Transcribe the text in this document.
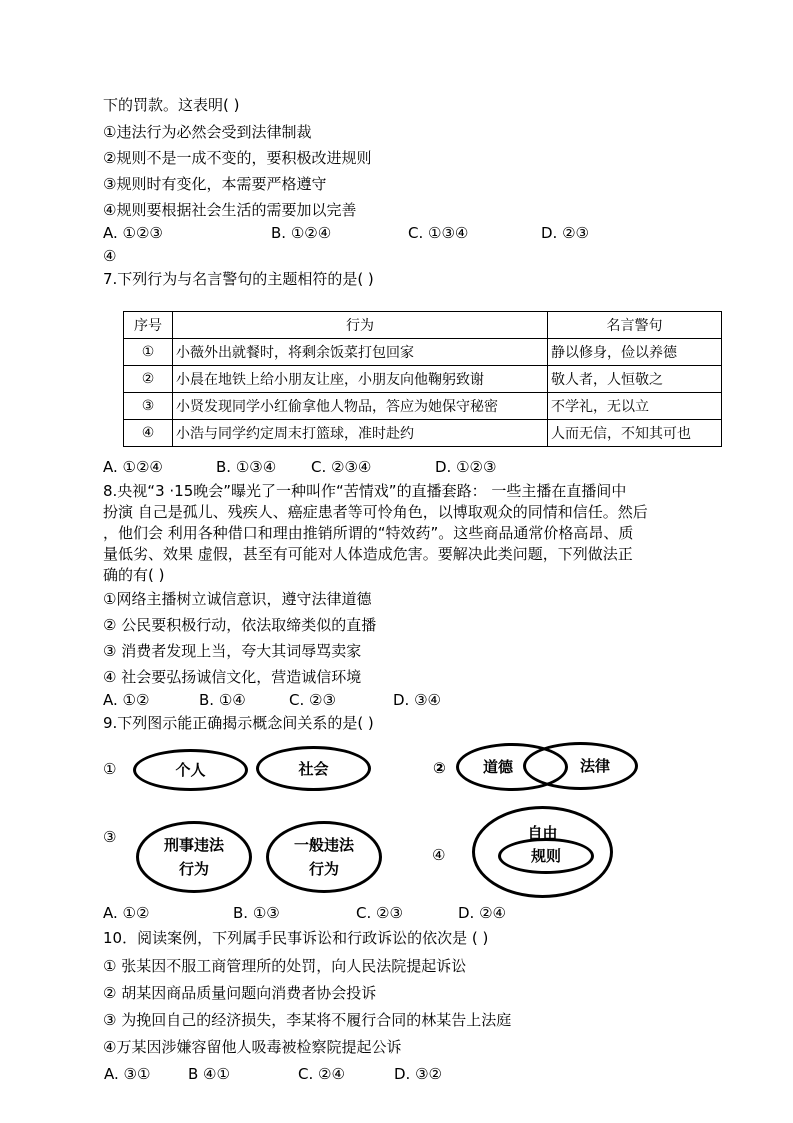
下的罚款。这表明( )
①违法行为必然会受到法律制裁
②规则不是一成不变的，要积极改进规则
③规则时有变化，本需要严格遵守
④规则要根据社会生活的需要加以完善
A. ①②③	B. ①②④	C. ①③④	D. ②③
④
7.下列行为与名言警句的主题相符的是( )
序号	行为	名言警句
①	小薇外出就餐时，将剩余饭菜打包回家	静以修身，俭以养德
②	小晨在地铁上给小朋友让座，小朋友向他鞠躬致谢	敬人者，人恒敬之
③	小贤发现同学小红偷拿他人物品，答应为她保守秘密	不学礼，无以立
④	小浩与同学约定周末打篮球，准时赴约	人而无信，不知其可也
A. ①②④	B. ①③④ C. ②③④	D. ①②③
8.央视“3 ·15晚会”曝光了一种叫作“苦情戏”的直播套路： 一些主播在直播间中
扮演 自己是孤儿、残疾人、癌症患者等可怜角色，以博取观众的同情和信任。然后
，他们会 利用各种借口和理由推销所谓的“特效药”。这些商品通常价格高昂、质
量低劣、效果 虚假，甚至有可能对人体造成危害。要解决此类问题，下列做法正
确的有( )
①网络主播树立诚信意识，遵守法律道德
② 公民要积极行动，依法取缔类似的直播
③ 消费者发现上当，夸大其词辱骂卖家
④ 社会要弘扬诚信文化，营造诚信环境
A. ①②	B. ①④	C. ②③	D. ③④
9.下列图示能正确揭示概念间关系的是( )
①	个人	社会	②	道德	法律
③	刑事违法
行为
一般违法
行为
④
自由
规则
A. ①②	B. ①③	C. ②③	D. ②④
10．阅读案例，下列属手民事诉讼和行政诉讼的依次是 ( )
① 张某因不服工商管理所的处罚，向人民法院提起诉讼
② 胡某因商品质量问题向消费者协会投诉
③ 为挽回自己的经济损失，李某将不履行合同的林某告上法庭
④万某因涉嫌容留他人吸毒被检察院提起公诉
A. ③①	B ④①	C. ②④	D. ③②
